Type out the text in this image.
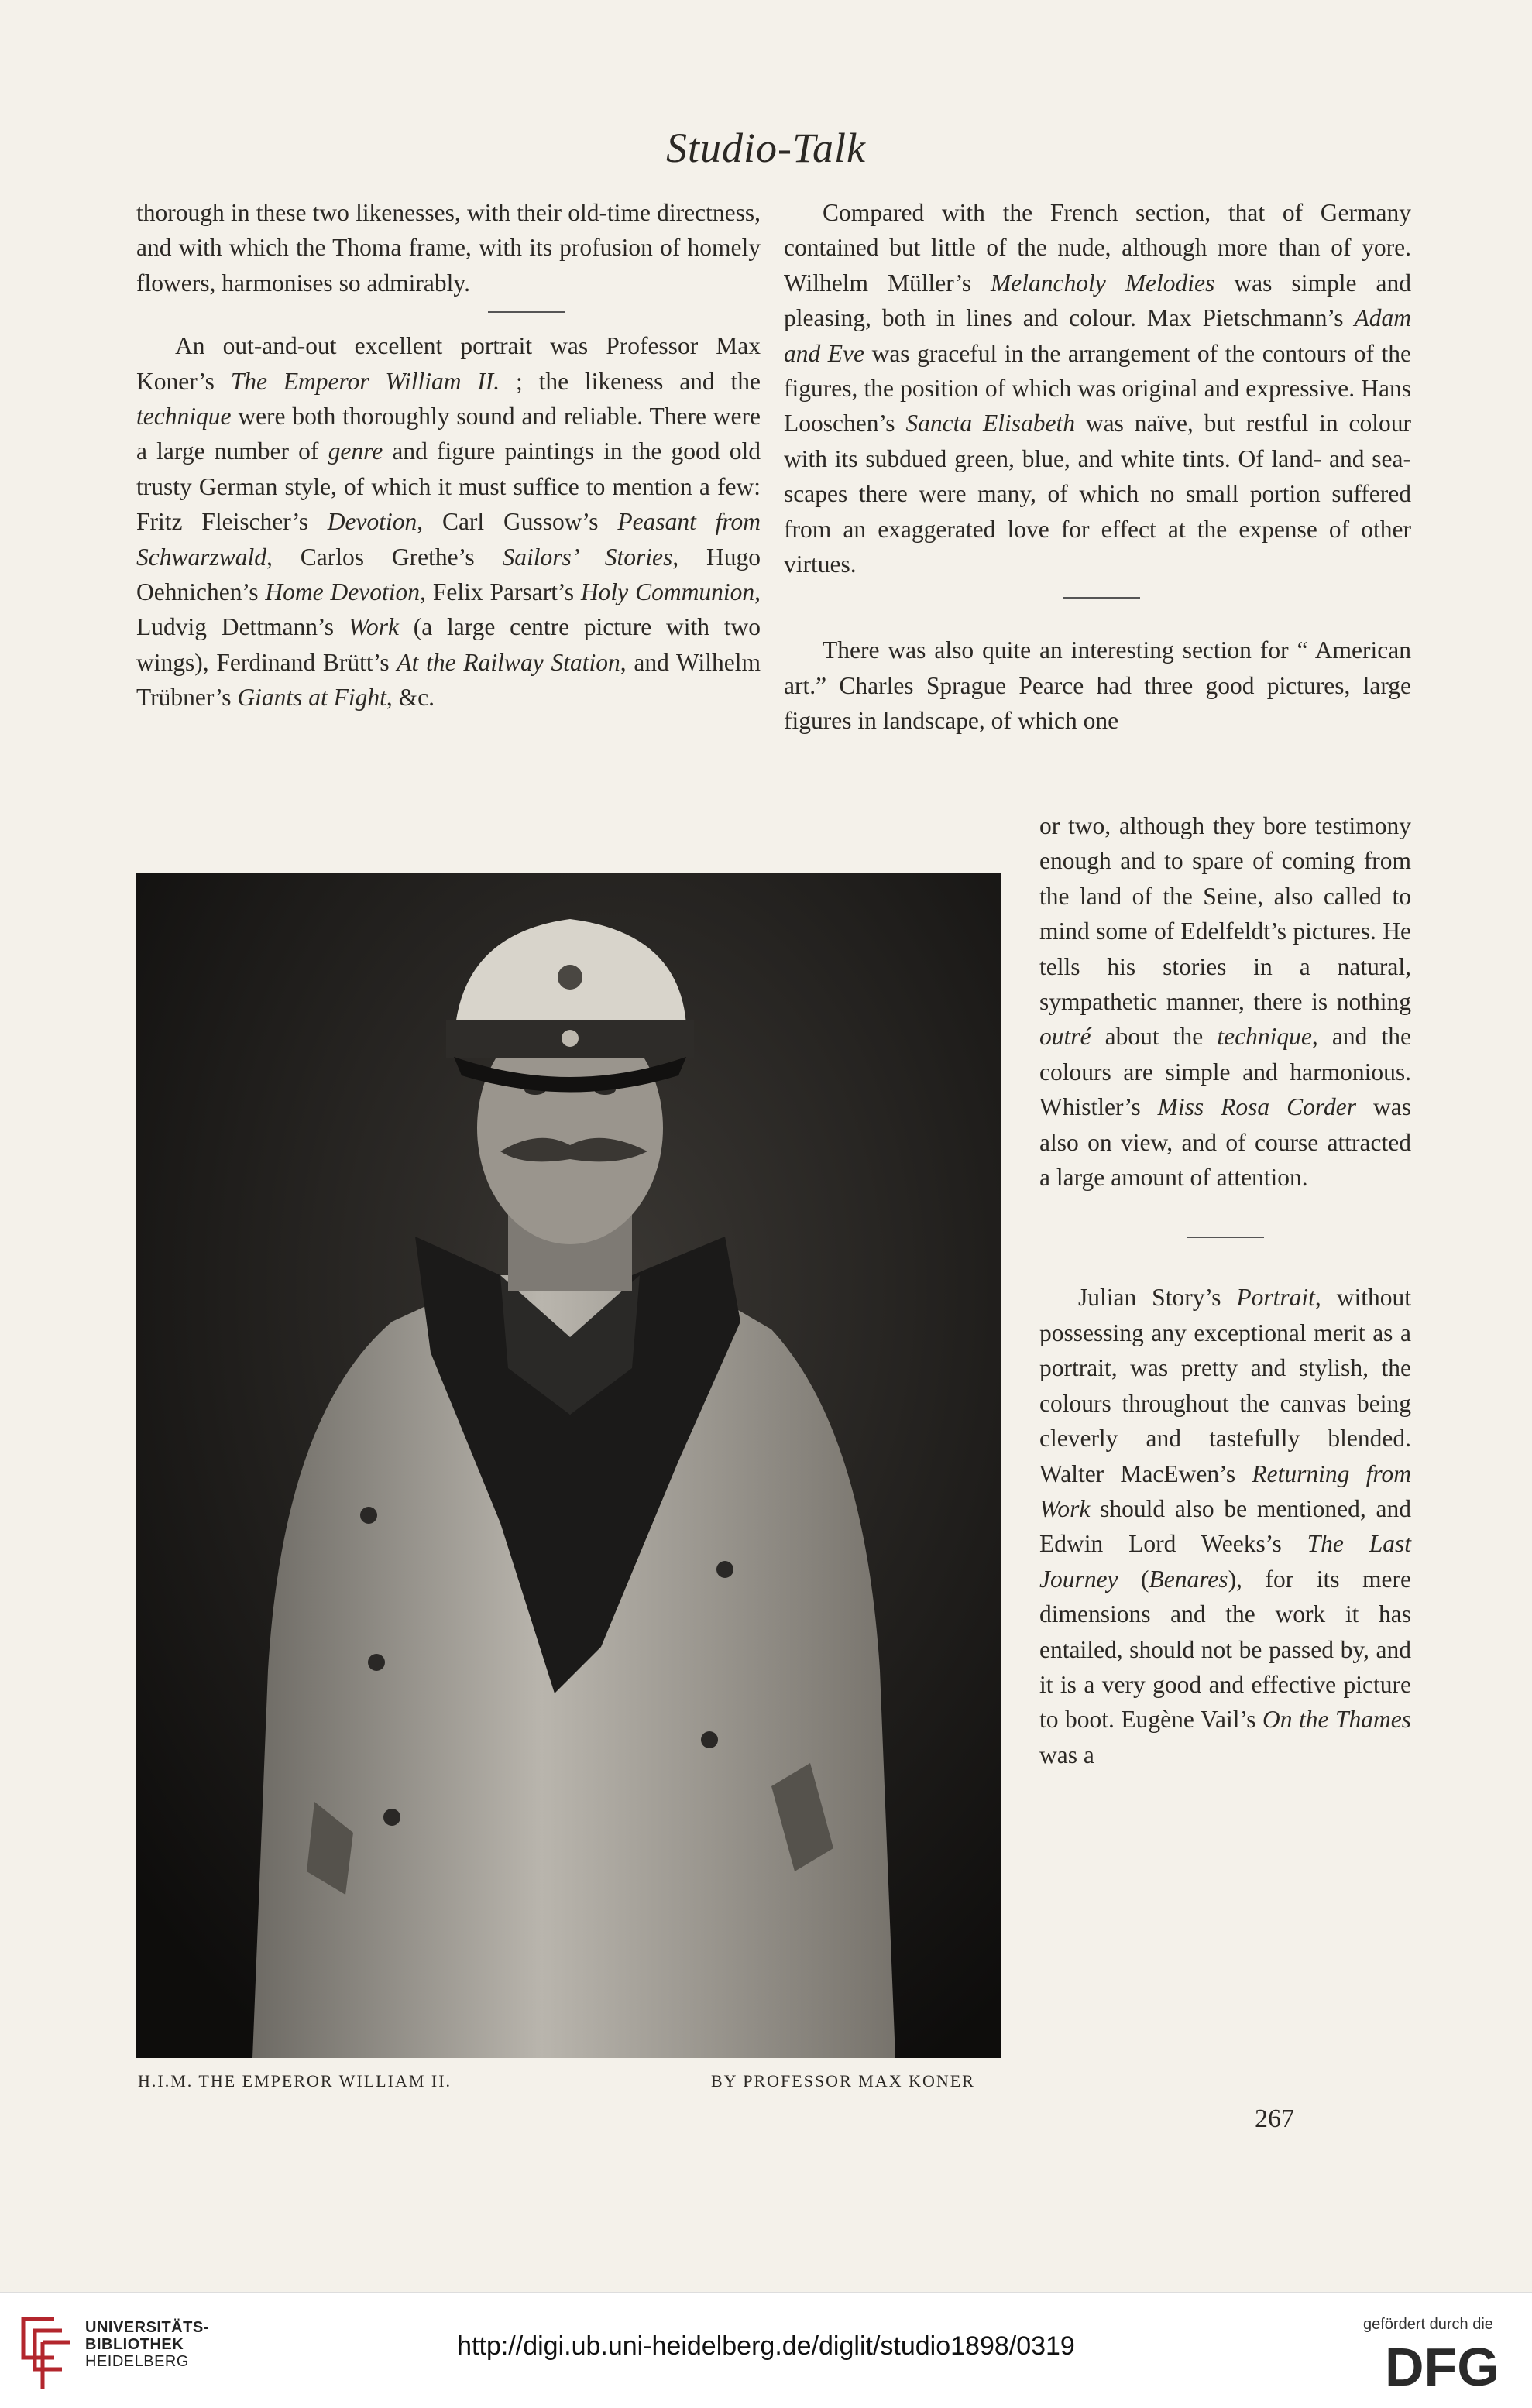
Studio-Talk

thorough in these two likenesses, with their old-time directness, and with which the Thoma frame, with its profusion of homely flowers, harmonises so admirably.

An out-and-out excellent portrait was Professor Max Koner’s The Emperor William II. ; the likeness and the technique were both thoroughly sound and reliable. There were a large number of genre and figure paintings in the good old trusty German style, of which it must suffice to mention a few: Fritz Fleischer’s Devotion, Carl Gussow’s Peasant from Schwarzwald, Carlos Grethe’s Sailors’ Stories, Hugo Oehnichen’s Home Devotion, Felix Parsart’s Holy Communion, Ludvig Dettmann’s Work (a large centre picture with two wings), Ferdinand Brütt’s At the Railway Station, and Wilhelm Trübner’s Giants at Fight, &c.

Compared with the French section, that of Germany contained but little of the nude, although more than of yore. Wilhelm Müller’s Melancholy Melodies was simple and pleasing, both in lines and colour. Max Pietschmann’s Adam and Eve was graceful in the arrangement of the contours of the figures, the position of which was original and expressive. Hans Looschen’s Sancta Elisabeth was naïve, but restful in colour with its subdued green, blue, and white tints. Of land- and sea-scapes there were many, of which no small portion suffered from an exaggerated love for effect at the expense of other virtues.

There was also quite an interesting section for “ American art.” Charles Sprague Pearce had three good pictures, large figures in landscape, of which one

or two, although they bore testimony enough and to spare of coming from the land of the Seine, also called to mind some of Edelfeldt’s pictures. He tells his stories in a natural, sympathetic manner, there is nothing outré about the technique, and the colours are simple and harmonious. Whistler’s Miss Rosa Corder was also on view, and of course attracted a large amount of attention.

Julian Story’s Portrait, without possessing any exceptional merit as a portrait, was pretty and stylish, the colours throughout the canvas being cleverly and tastefully blended. Walter MacEwen’s Returning from Work should also be mentioned, and Edwin Lord Weeks’s The Last Journey (Benares), for its mere dimensions and the work it has entailed, should not be passed by, and it is a very good and effective picture to boot. Eugène Vail’s On the Thames was a

H.I.M. THE EMPEROR WILLIAM II.	BY PROFESSOR MAX KONER
267
UNIVERSITÄTS-
BIBLIOTHEK
HEIDELBERG
http://digi.ub.uni-heidelberg.de/diglit/studio1898/0319
gefördert durch die
DFG
